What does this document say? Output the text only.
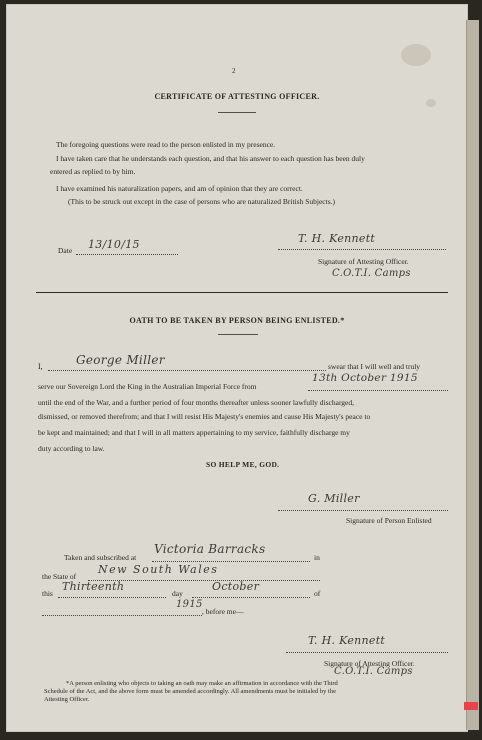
2
CERTIFICATE OF ATTESTING OFFICER.
The foregoing questions were read to the person enlisted in my presence.
I have taken care that he understands each question, and that his answer to each question has been duly
entered as replied to by him.
I have examined his naturalization papers, and am of opinion that they are correct.
(This to be struck out except in the case of persons who are naturalized British Subjects.)
Date 13/10/15	T. H. Kennett
Signature of Attesting Officer.
C.O.T.I. Camps
OATH TO BE TAKEN BY PERSON BEING ENLISTED.*
I,	George Miller	swear that I will well and truly
serve our Sovereign Lord the King in the Australian Imperial Force from
13th October 1915
until the end of the War, and a further period of four months thereafter unless sooner lawfully discharged,
dismissed, or removed therefrom; and that I will resist His Majesty's enemies and cause His Majesty's peace to
be kept and maintained; and that I will in all matters appertaining to my service, faithfully discharge my
duty according to law.
SO HELP ME, GOD.
G. Miller
Signature of Person Enlisted
Taken and subscribed at
Victoria Barracks
in
the State of
New South Wales
this
Thirteenth
day
October
of
1915
, before me—
T. H. Kennett
Signature of Attesting Officer.
C.O.T.I. Camps
*A person enlisting who objects to taking an oath may make an affirmation in accordance with the Third
Schedule of the Act, and the above form must be amended accordingly. All amendments must be initialed by the
Attesting Officer.
